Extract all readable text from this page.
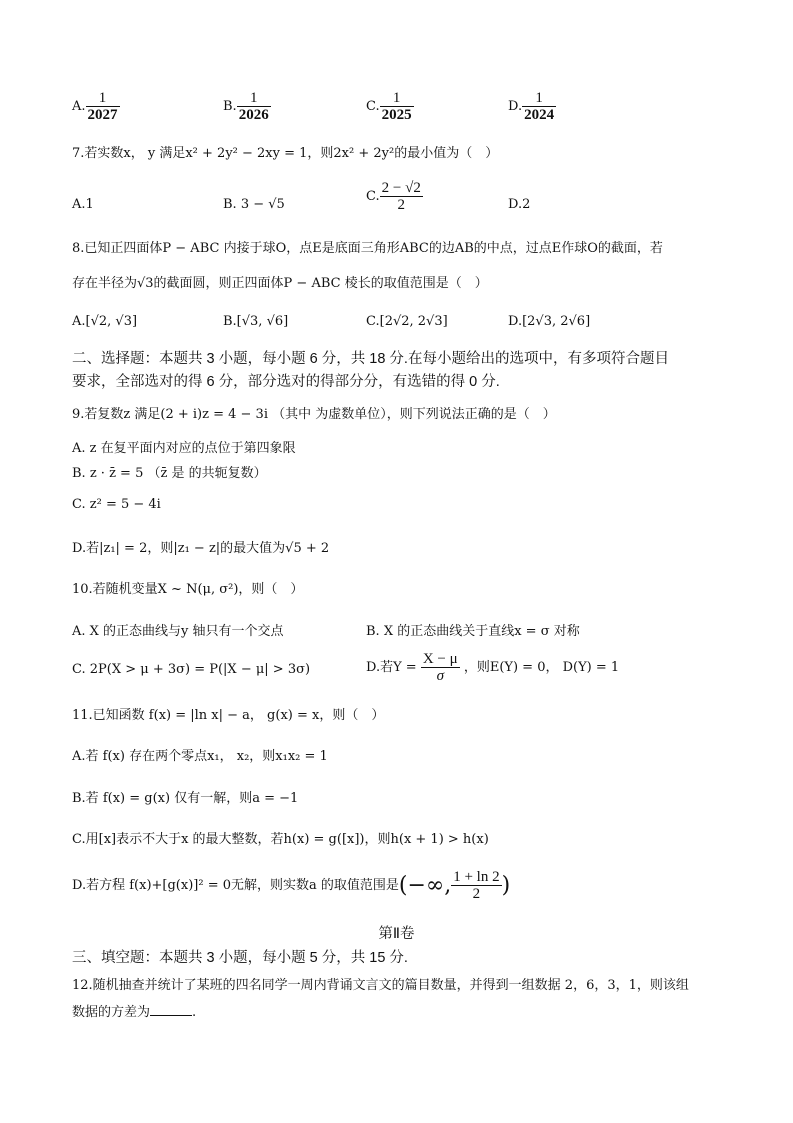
A. $\frac{1}{2027}$	B. $\frac{1}{2026}$	C. $\frac{1}{2025}$	D. $\frac{1}{2024}$
7.若实数x， y 满足x² + 2y² − 2xy = 1，则2x² + 2y²的最小值为（　）
A.1	B. 3 − √5
C. $\frac{2 - √2}{2}$	D.2
8.已知正四面体P − ABC 内接于球O，点E是底面三角形ABC的边AB的中点，过点E作球O的截面，若
存在半径为√3的截面圆，则正四面体P − ABC 棱长的取值范围是（　）
A.[√2, √3]	B.[√3, √6]	C.[2√2, 2√3]	D.[2√3, 2√6]
二、选择题：本题共 3 小题，每小题 6 分，共 18 分.在每小题给出的选项中，有多项符合题目
要求，全部选对的得 6 分，部分选对的得部分分，有选错的得 0 分.
9.若复数z 满足(2 + i)z = 4 − 3i （其中 为虚数单位），则下列说法正确的是（　）
A. z 在复平面内对应的点位于第四象限
B. z · z̄ = 5 （z̄ 是 的共轭复数）
C. z² = 5 − 4i
D.若|z₁| = 2，则|z₁ − z|的最大值为√5 + 2
10.若随机变量X ~ N(μ, σ²)，则（　）
A. X 的正态曲线与y 轴只有一个交点	B. X 的正态曲线关于直线x = σ 对称
C. 2P(X > μ + 3σ) = P(|X − μ| > 3σ)	D.若$Y = \frac{X - \mu}{\sigma}$ ，则E(Y) = 0， D(Y) = 1
11.已知函数 f(x) = |ln x| − a， g(x) = x，则（　）
A.若 f(x) 存在两个零点x₁， x₂，则x₁x₂ = 1
B.若 f(x) = g(x) 仅有一解，则a = −1
C.用[x]表示不大于x 的最大整数，若h(x) = g([x])，则h(x + 1) > h(x)
D.若方程 f(x)+[g(x)]² = 0无解，则实数a 的取值范围是(−∞, $\frac{1 + \ln 2}{2}$ )
第Ⅱ卷
三、填空题：本题共 3 小题，每小题 5 分，共 15 分.
12.随机抽查并统计了某班的四名同学一周内背诵文言文的篇目数量，并得到一组数据 2，6，3，1，则该组
数据的方差为	.
